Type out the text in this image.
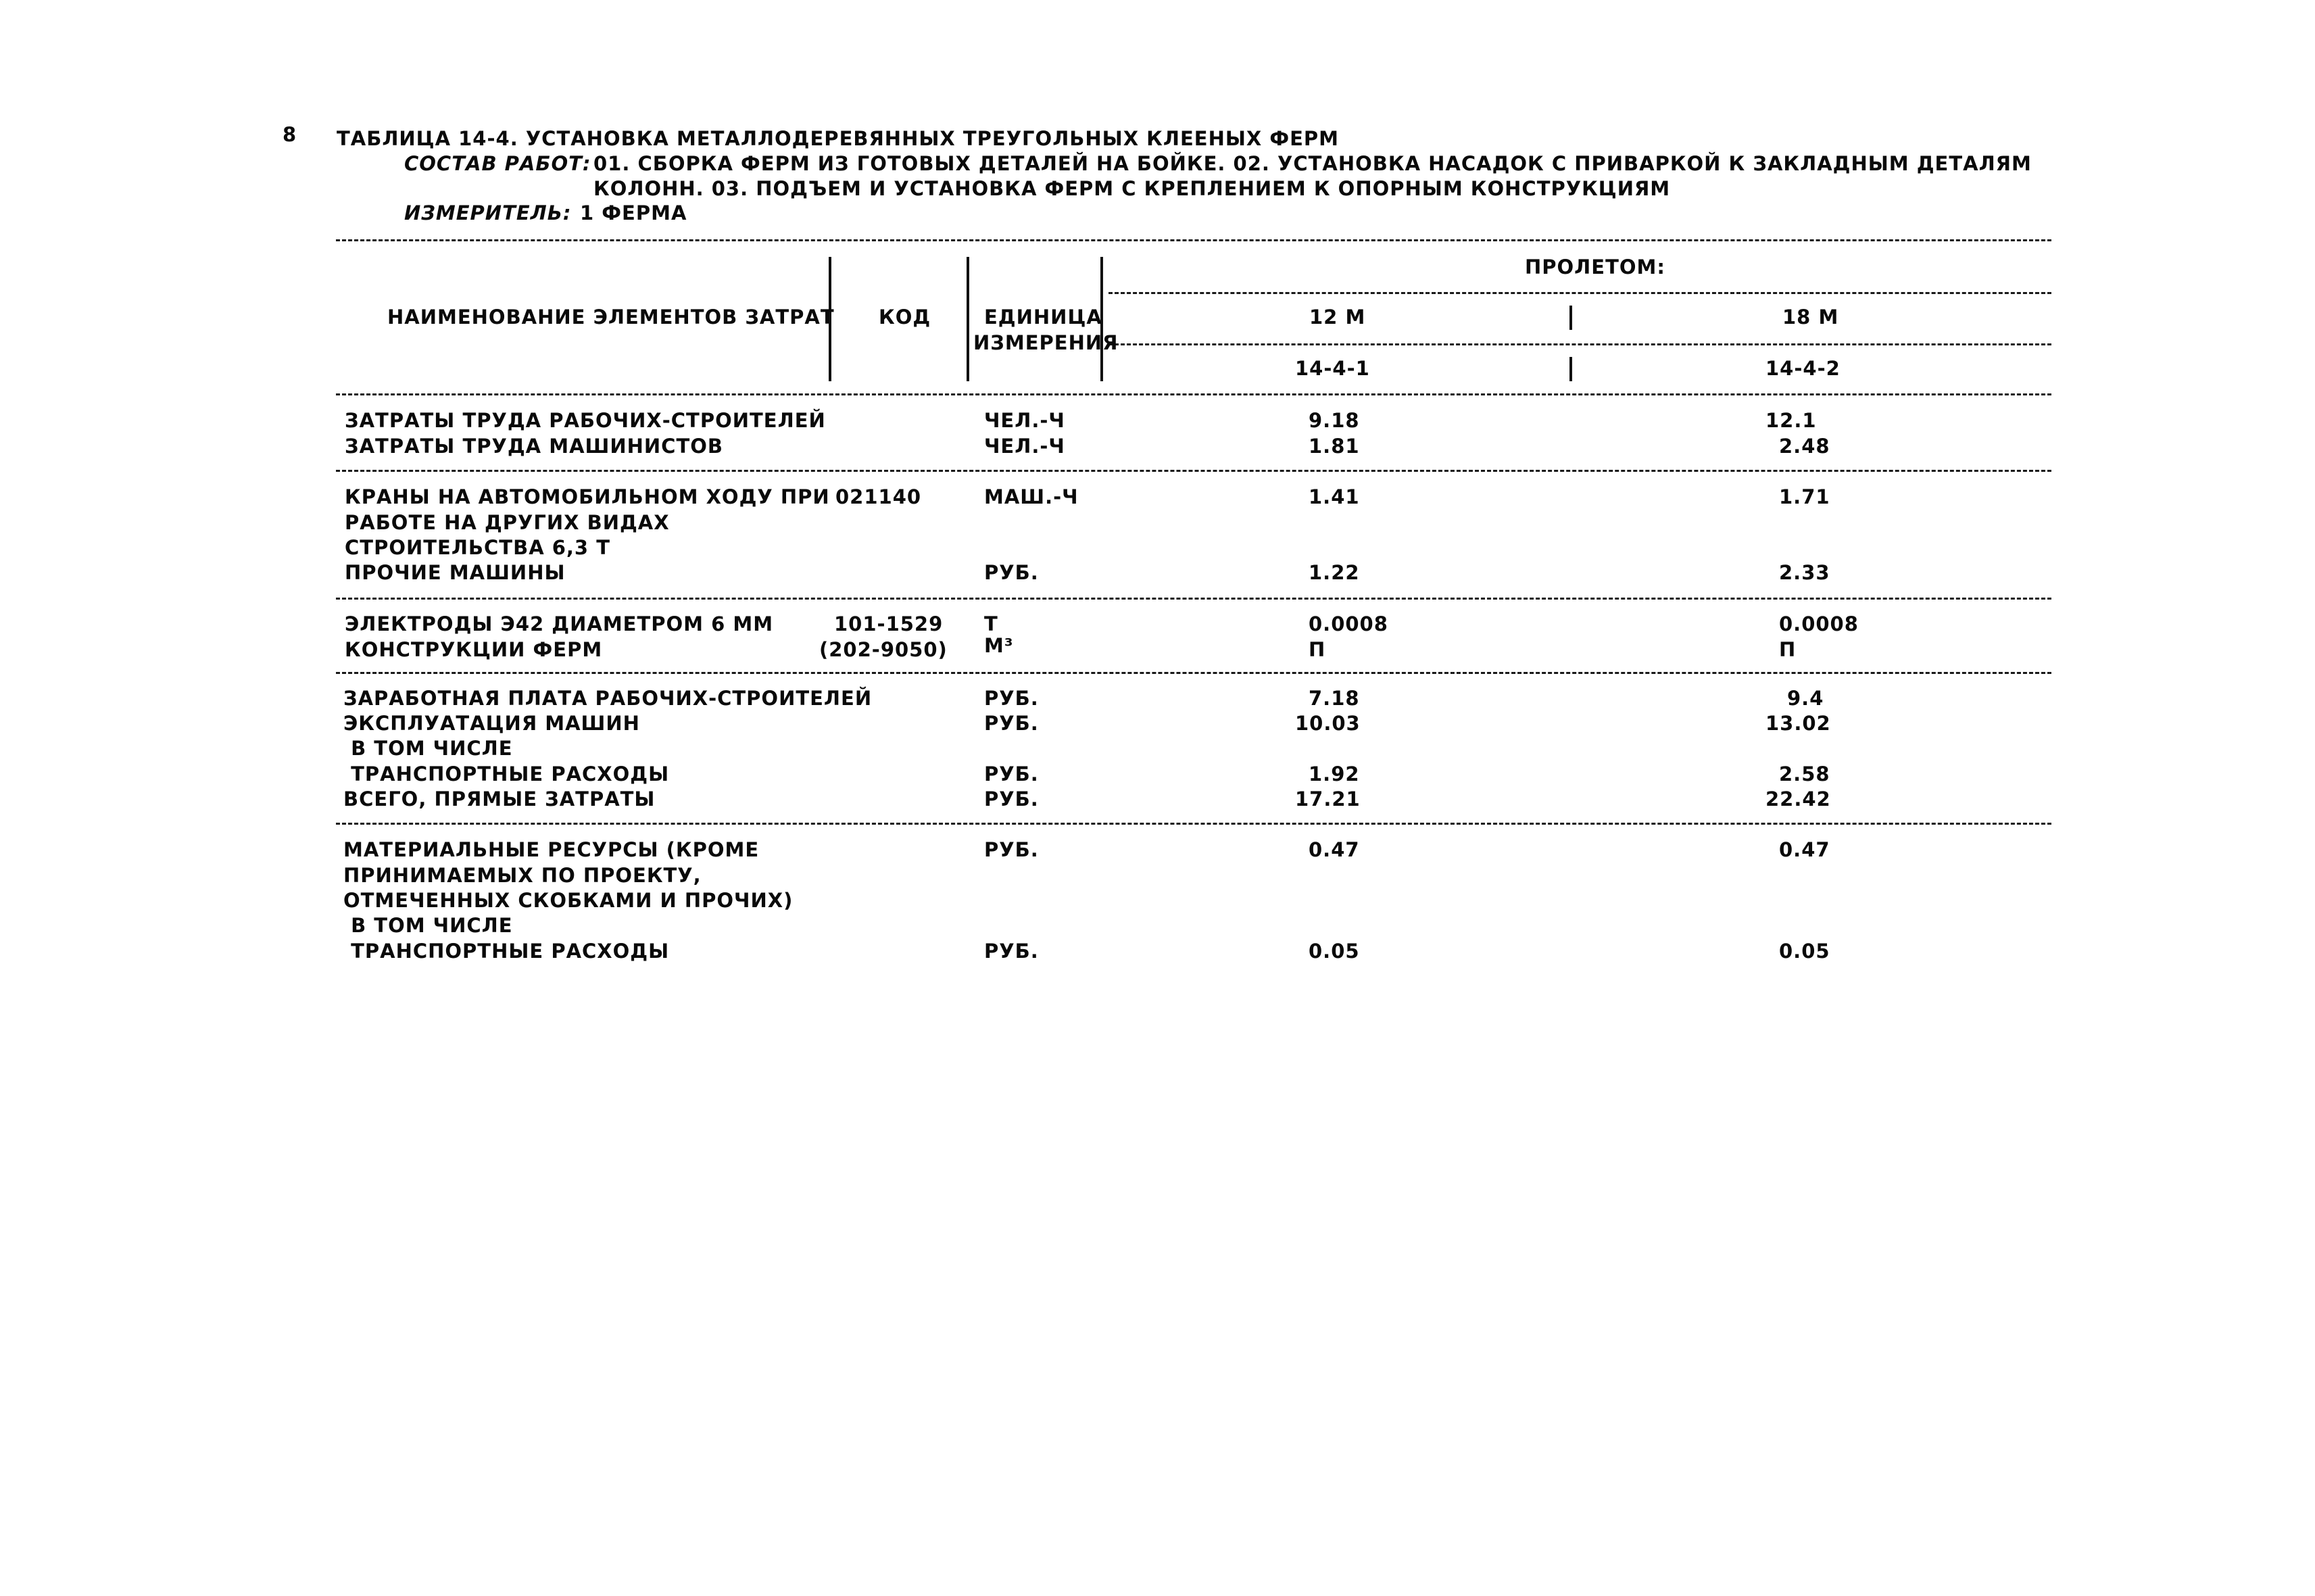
8 ТАБЛИЦА 14-4. УСТАНОВКА МЕТАЛЛОДЕРЕВЯННЫХ ТРЕУГОЛЬНЫХ КЛЕЕНЫХ ФЕРМ
СОСТАВ РАБОТ: 01. СБОРКА ФЕРМ ИЗ ГОТОВЫХ ДЕТАЛЕЙ НА БОЙКЕ. 02. УСТАНОВКА НАСАДОК С ПРИВАРКОЙ К ЗАКЛАДНЫМ ДЕТАЛЯМ
КОЛОНН. 03. ПОДЪЕМ И УСТАНОВКА ФЕРМ С КРЕПЛЕНИЕМ К ОПОРНЫМ КОНСТРУКЦИЯМ
ИЗМЕРИТЕЛЬ: 1 ФЕРМА
НАИМЕНОВАНИЕ ЭЛЕМЕНТОВ ЗАТРАТ КОД	ЕДИНИЦА
ИЗМЕРЕНИЯ
ПРОЛЕТОМ:
12 М	18 М
14-4-1	14-4-2
ЗАТРАТЫ ТРУДА РАБОЧИХ-СТРОИТЕЛЕЙ	ЧЕЛ.-Ч	9.18	12.1
ЗАТРАТЫ ТРУДА МАШИНИСТОВ	ЧЕЛ.-Ч	1.81	2.48
КРАНЫ НА АВТОМОБИЛЬНОМ ХОДУ ПРИ 021140	МАШ.-Ч	1.41	1.71
РАБОТЕ НА ДРУГИХ ВИДАХ
СТРОИТЕЛЬСТВА 6,3 Т
ПРОЧИЕ МАШИНЫ	РУБ.	1.22	2.33
ЭЛЕКТРОДЫ Э42 ДИАМЕТРОМ 6 ММ	101-1529 Т	0.0008	0.0008
КОНСТРУКЦИИ ФЕРМ	(202-9050) М³	П	П
ЗАРАБОТНАЯ ПЛАТА РАБОЧИХ-СТРОИТЕЛЕЙ	РУБ.	7.18	9.4
ЭКСПЛУАТАЦИЯ МАШИН	РУБ.	10.03	13.02
В ТОМ ЧИСЛЕ
ТРАНСПОРТНЫЕ РАСХОДЫ	РУБ.	1.92	2.58
ВСЕГО, ПРЯМЫЕ ЗАТРАТЫ	РУБ.	17.21	22.42
МАТЕРИАЛЬНЫЕ РЕСУРСЫ (КРОМЕ	РУБ.	0.47	0.47
ПРИНИМАЕМЫХ ПО ПРОЕКТУ,
ОТМЕЧЕННЫХ СКОБКАМИ И ПРОЧИХ)
В ТОМ ЧИСЛЕ
ТРАНСПОРТНЫЕ РАСХОДЫ	РУБ.	0.05	0.05
